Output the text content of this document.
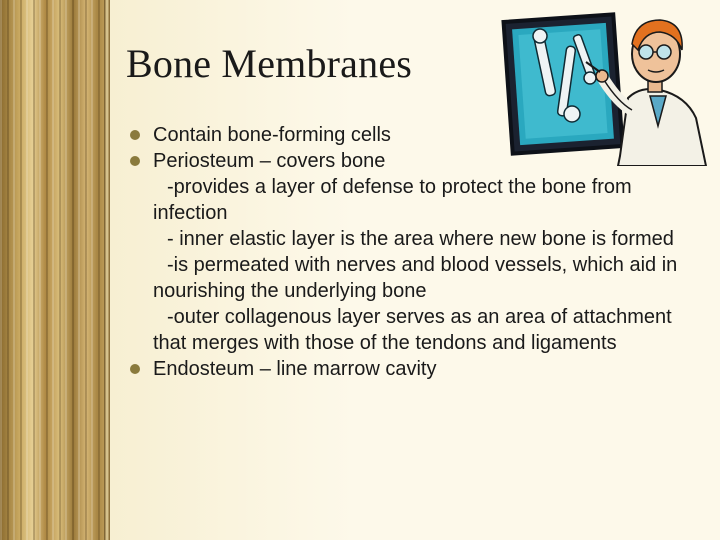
Bone Membranes
Contain bone-forming cells
Periosteum – covers bone
-provides a layer of defense to protect the bone from infection
- inner elastic layer is the area where new bone is formed
-is permeated with nerves and blood vessels, which aid in nourishing the underlying bone
-outer collagenous layer serves as an area of attachment that merges with those of the tendons and ligaments
Endosteum – line marrow cavity
